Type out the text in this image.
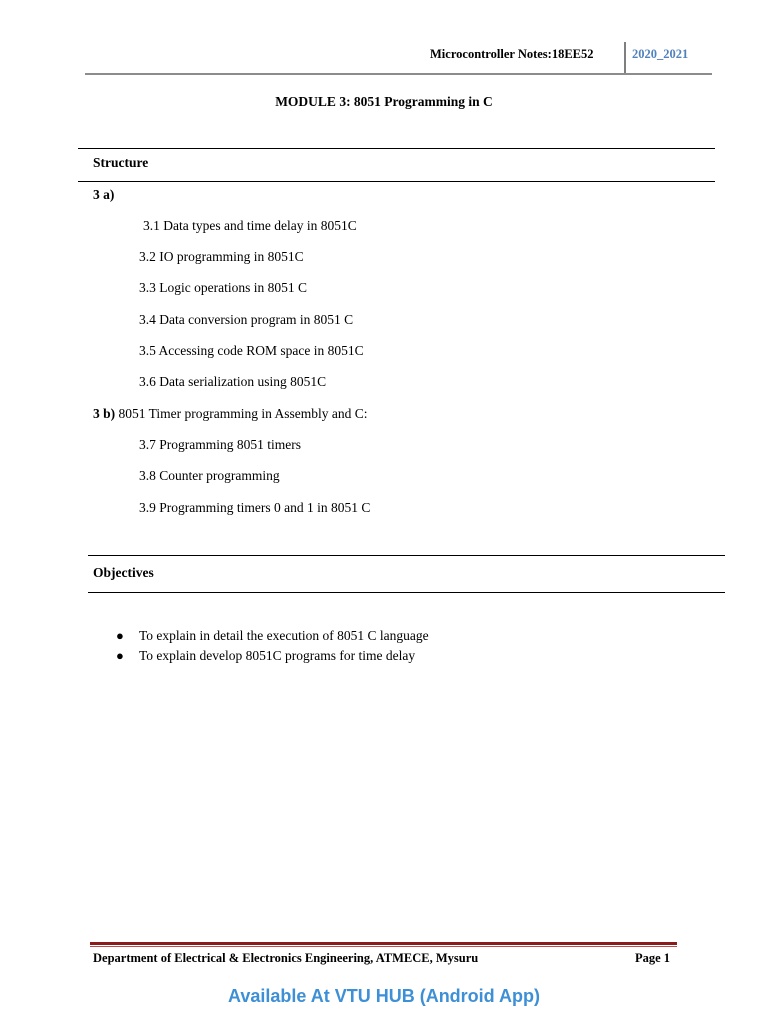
Microcontroller Notes:18EE52	2020_2021
MODULE 3: 8051 Programming in C
Structure
3 a)
3.1 Data types and time delay in 8051C
3.2 IO programming in 8051C
3.3 Logic operations in 8051 C
3.4 Data conversion program in 8051 C
3.5 Accessing code ROM space in 8051C
3.6 Data serialization using 8051C
3 b) 8051 Timer programming in Assembly and C:
3.7 Programming 8051 timers
3.8 Counter programming
3.9 Programming timers 0 and 1 in 8051 C
Objectives
● To explain in detail the execution of 8051 C language
● To explain develop 8051C programs for time delay
Department of Electrical & Electronics Engineering, ATMECE, Mysuru	Page 1
Available At VTU HUB (Android App)
